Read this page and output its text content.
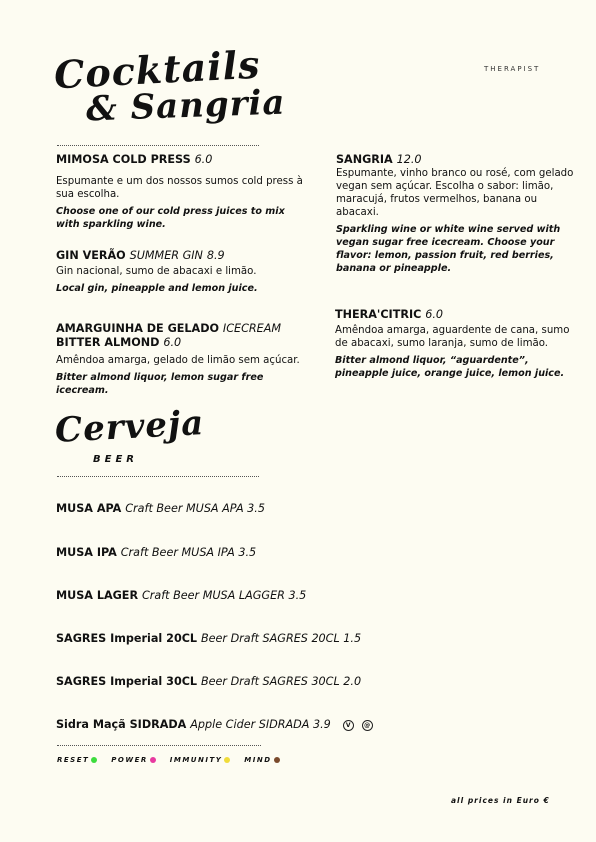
THERAPIST
Cocktails
& Sangria
MIMOSA COLD PRESS 6.0
Espumante e um dos nossos sumos cold press à sua escolha.
Choose one of our cold press juices to mix with sparkling wine.
GIN VERÃO SUMMER GIN 8.9
Gin nacional, sumo de abacaxi e limão.
Local gin, pineapple and lemon juice.
AMARGUINHA DE GELADO ICECREAM
BITTER ALMOND 6.0
Amêndoa amarga, gelado de limão sem açúcar.
Bitter almond liquor, lemon sugar free icecream.
SANGRIA 12.0
Espumante, vinho branco ou rosé, com gelado vegan sem açúcar. Escolha o sabor: limão, maracujá, frutos vermelhos, banana ou abacaxi.
Sparkling wine or white wine served with vegan sugar free icecream. Choose your flavor: lemon, passion fruit, red berries, banana or pineapple.
THERA'CITRIC 6.0
Amêndoa amarga, aguardente de cana, sumo de abacaxi, sumo laranja, sumo de limão.
Bitter almond liquor, “aguardente”, pineapple juice, orange juice, lemon juice.
Cerveja
BEER
MUSA APA Craft Beer MUSA APA 3.5
MUSA IPA Craft Beer MUSA IPA 3.5
MUSA LAGER Craft Beer MUSA LAGGER 3.5
SAGRES Imperial 20CL Beer Draft SAGRES 20CL 1.5
SAGRES Imperial 30CL Beer Draft SAGRES 30CL 2.0
Sidra Maçã SIDRADA Apple Cider SIDRADA 3.9	V @
RESET	POWER	IMMUNITY	MIND
all prices in Euro €
